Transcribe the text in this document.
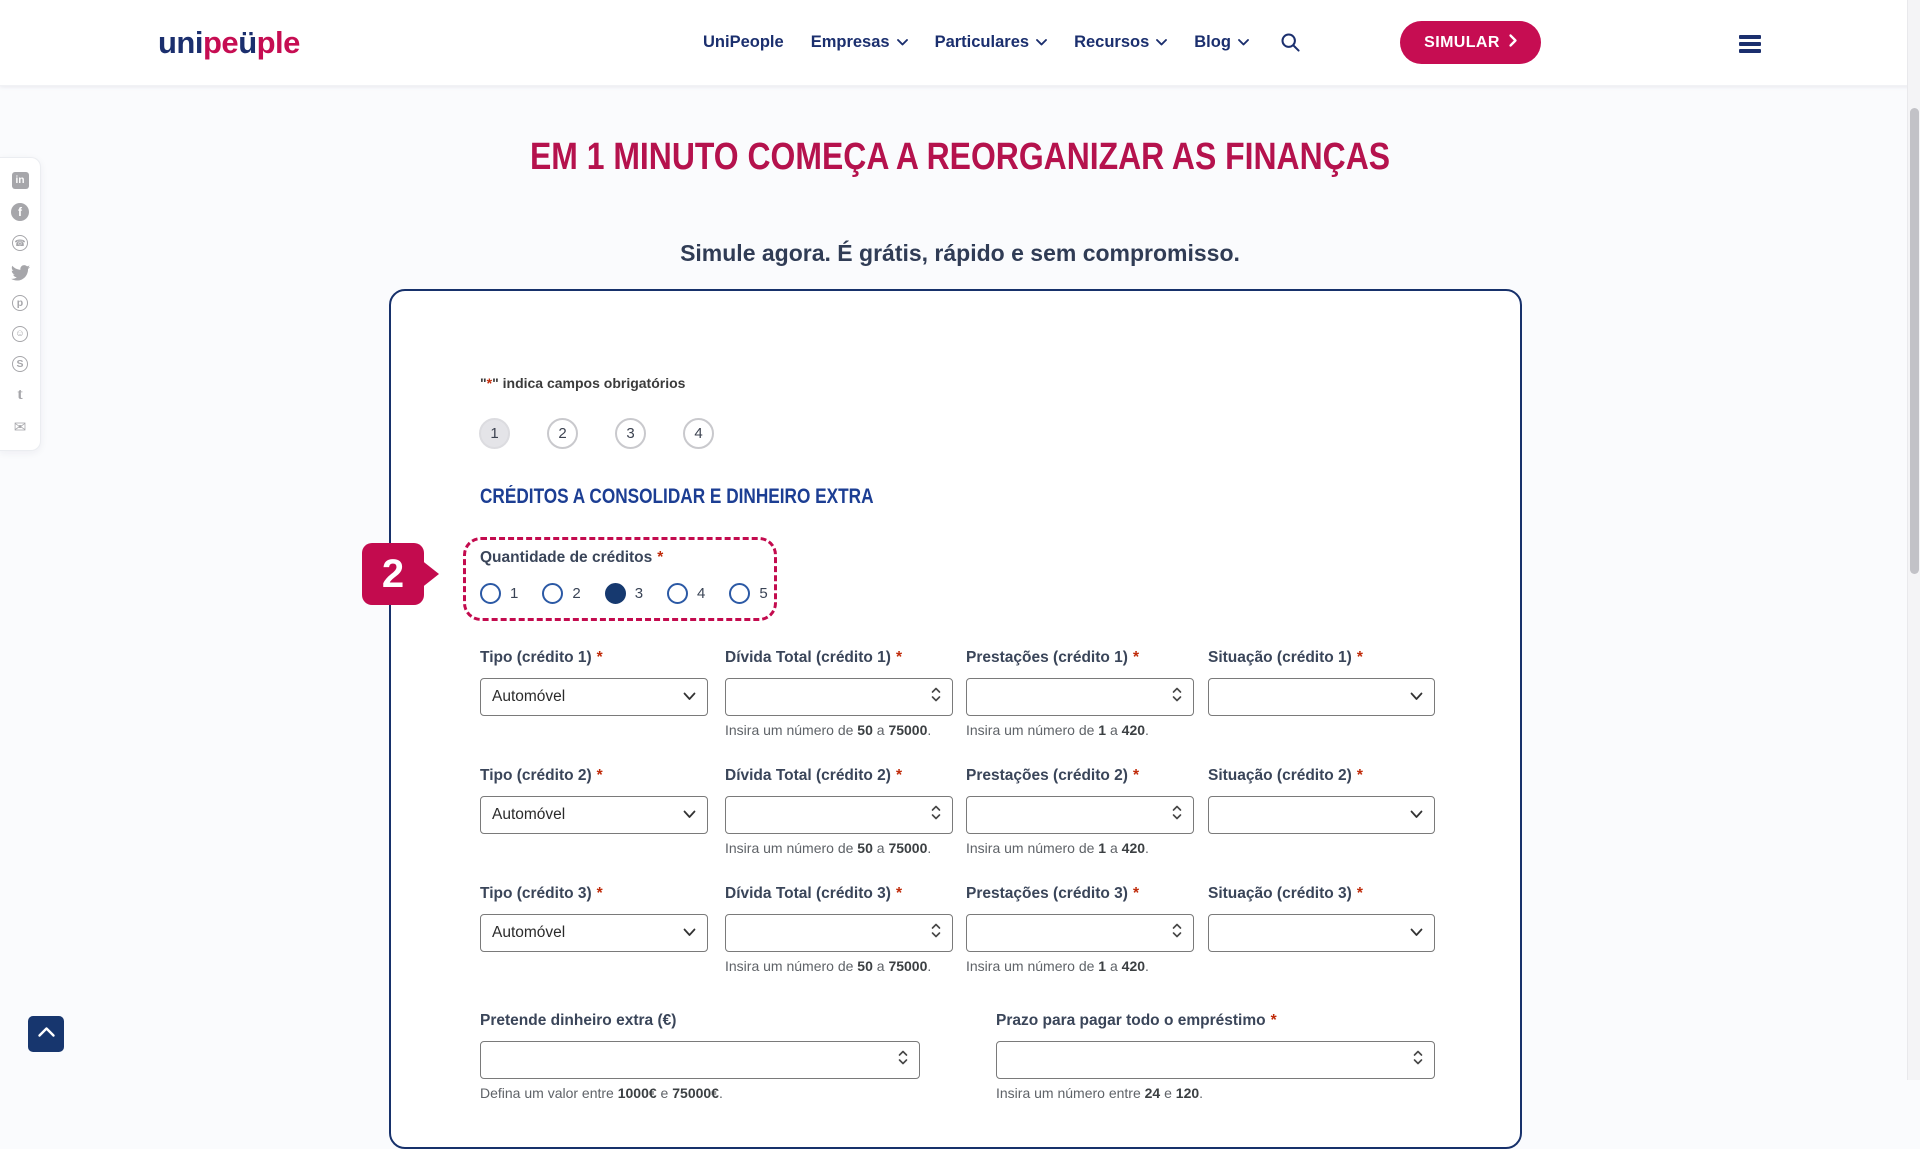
unipeüple	UniPeople Empresas	Particulares	Recursos	Blog	SIMULAR
in
f
☎
p
☺
S
t
✉
EM 1 MINUTO COMEÇA A REORGANIZAR AS FINANÇAS
Simule agora. É grátis, rápido e sem compromisso.
"*" indica campos obrigatórios
1	2	3	4
CRÉDITOS A CONSOLIDAR E DINHEIRO EXTRA
2	Quantidade de créditos *
1	2	3	4	5
Tipo (crédito 1) *
Automóvel
Dívida Total (crédito 1) *
Insira um número de 50 a 75000.
Prestações (crédito 1) *
Insira um número de 1 a 420.
Situação (crédito 1) *
Tipo (crédito 2) *
Automóvel
Dívida Total (crédito 2) *
Insira um número de 50 a 75000.
Prestações (crédito 2) *
Insira um número de 1 a 420.
Situação (crédito 2) *
Tipo (crédito 3) *
Automóvel
Dívida Total (crédito 3) *
Insira um número de 50 a 75000.
Prestações (crédito 3) *
Insira um número de 1 a 420.
Situação (crédito 3) *
Pretende dinheiro extra (€)
Defina um valor entre 1000€ e 75000€.
Prazo para pagar todo o empréstimo *
Insira um número entre 24 e 120.
